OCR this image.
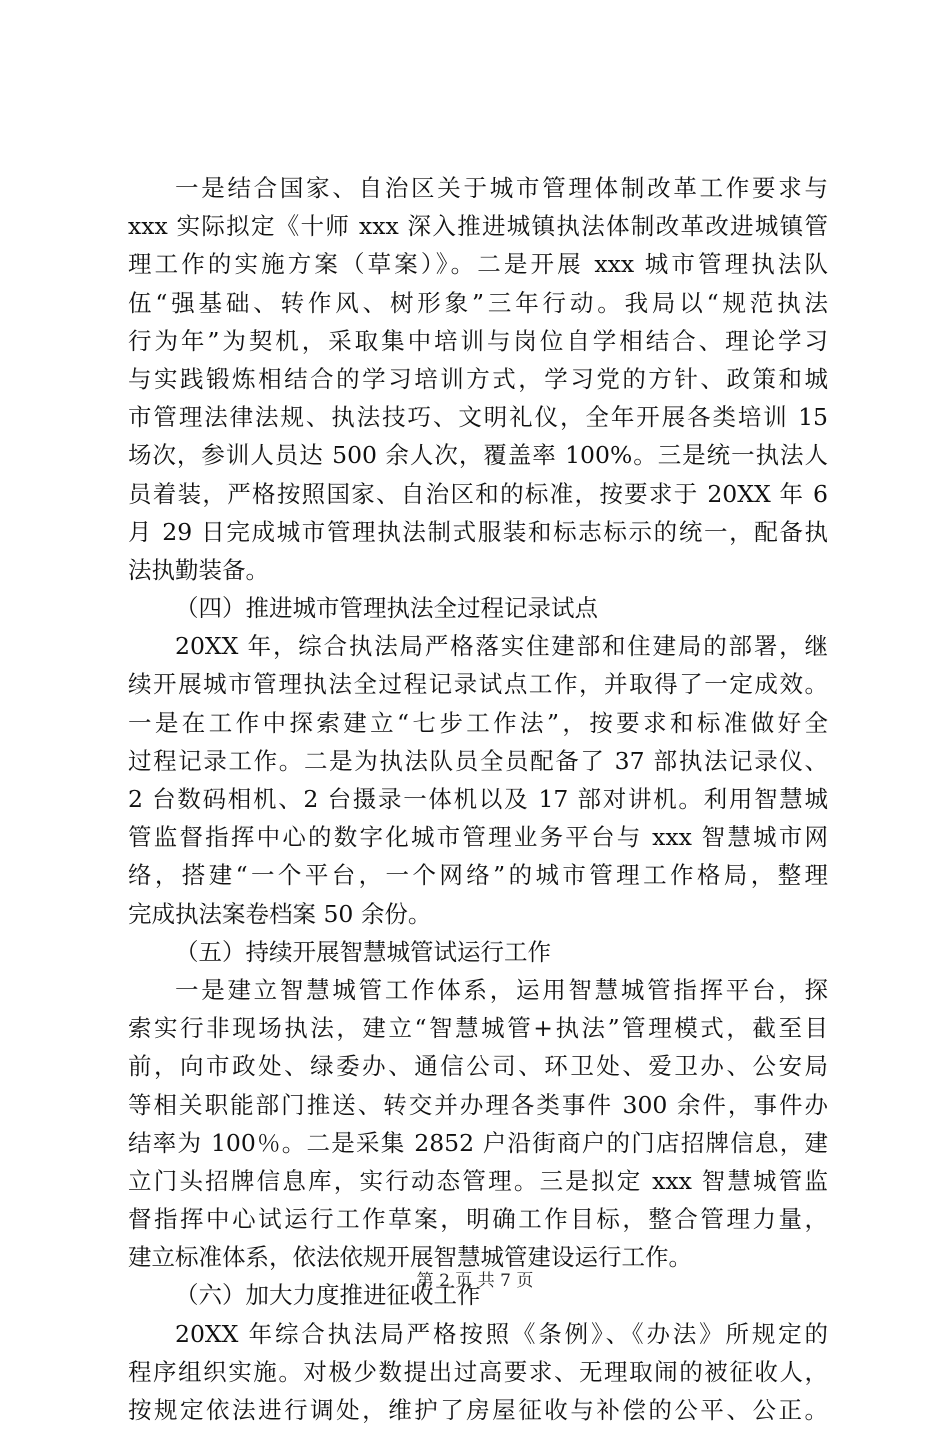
一是结合国家、自治区关于城市管理体制改革工作要求与
xxx 实际拟定《十师 xxx 深入推进城镇执法体制改革改进城镇管
理工作的实施方案（草案）》。二是开展 xxx 城市管理执法队
伍“强基础、转作风、树形象”三年行动。我局以“规范执法
行为年”为契机，采取集中培训与岗位自学相结合、理论学习
与实践锻炼相结合的学习培训方式，学习党的方针、政策和城
市管理法律法规、执法技巧、文明礼仪，全年开展各类培训 15
场次，参训人员达 500 余人次，覆盖率 100%。三是统一执法人
员着装，严格按照国家、自治区和的标准，按要求于 20XX 年 6
月 29 日完成城市管理执法制式服装和标志标示的统一，配备执
法执勤装备。
（四）推进城市管理执法全过程记录试点
20XX 年，综合执法局严格落实住建部和住建局的部署，继
续开展城市管理执法全过程记录试点工作，并取得了一定成效。
一是在工作中探索建立“七步工作法”，按要求和标准做好全
过程记录工作。二是为执法队员全员配备了 37 部执法记录仪、
2 台数码相机、2 台摄录一体机以及 17 部对讲机。利用智慧城
管监督指挥中心的数字化城市管理业务平台与 xxx 智慧城市网
络，搭建“一个平台，一个网络”的城市管理工作格局，整理
完成执法案卷档案 50 余份。
（五）持续开展智慧城管试运行工作
一是建立智慧城管工作体系，运用智慧城管指挥平台，探
索实行非现场执法，建立“智慧城管+执法”管理模式，截至目
前，向市政处、绿委办、通信公司、环卫处、爱卫办、公安局
等相关职能部门推送、转交并办理各类事件 300 余件，事件办
结率为 100％。二是采集 2852 户沿街商户的门店招牌信息，建
立门头招牌信息库，实行动态管理。三是拟定 xxx 智慧城管监
督指挥中心试运行工作草案，明确工作目标，整合管理力量，
建立标准体系，依法依规开展智慧城管建设运行工作。
（六）加大力度推进征收工作
20XX 年综合执法局严格按照《条例》、《办法》所规定的
程序组织实施。对极少数提出过高要求、无理取闹的被征收人，
按规定依法进行调处，维护了房屋征收与补偿的公平、公正。
第 2 页 共 7 页
